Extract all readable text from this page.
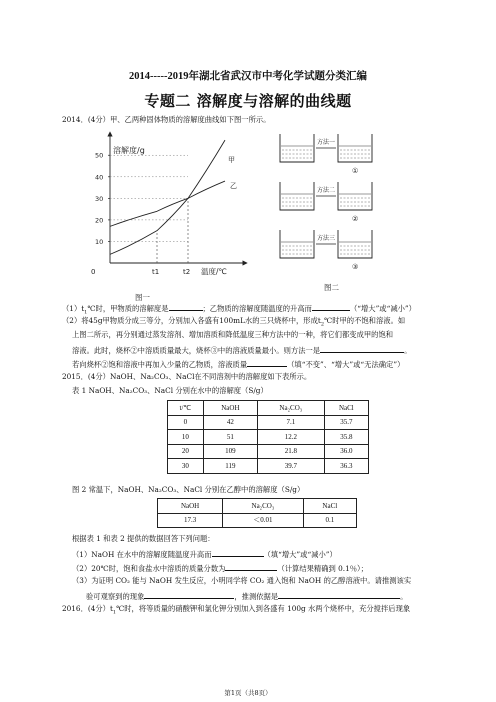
2014-----2019年湖北省武汉市中考化学试题分类汇编
专题二 溶解度与溶解的曲线题
2014．(4分）甲、乙两种固体物质的溶解度曲线如下图一所示。
溶解度/g
温度/℃
10
20
30
40
50
0	t1	t2
甲
乙
图一
方法一
①
方法二
②
方法三
③
图二
$(1)t_1℃$时，甲物质的溶解度是	；乙物质的溶解度随温度的升高而	（“增大”或“减小”）
（2）将45g甲物质分成三等分，分别加入各盛有100mL水的三只烧杯中，形成$t_2℃$时甲的不饱和溶液。如
上图二所示，再分别通过蒸发溶剂、增加溶质和降低温度三种方法中的一种，将它们都变成甲的饱和
溶液。此时，烧杯②中溶质质量最大，烧杯③中的溶液质量最小。则方法一是	。
若向烧杯②饱和溶液中再加入少量的乙物质，溶液质量	（填“不变”、“增大”或“无法确定”）
2015．(4分）NaOH、Na₂CO₃、NaCl在不同溶剂中的溶解度如下表所示。
表 1 NaOH、Na₂CO₃、NaCl 分别在水中的溶解度（S/g）
t/℃	NaOH	Na₂CO₃	NaCl
0	42	7.1	35.7
10	51	12.2	35.8
20	109	21.8	36.0
30	119	39.7	36.3
图 2 常温下，NaOH、Na₂CO₃、NaCl 分别在乙醇中的溶解度（S/g）
NaOH	Na₂CO₃	NaCl
17.3	＜0.01	0.1
根据表 1 和表 2 提供的数据回答下列问题：
（1）NaOH 在水中的溶解度随温度升高而	（填“增大”或“减小”）
（2）20℃时，饱和食盐水中溶质的质量分数为	（计算结果精确到 0.1％）；
（3）为证明 CO₂ 能与 NaOH 发生反应，小明同学将 CO₂ 通入饱和 NaOH 的乙醇溶液中。请推测该实
验可观察到的现象	，推测依据是	。
2016．(4分）$t_1℃$时，将等质量的硝酸钾和氯化钾分别加入到各盛有 100g 水两个烧杯中，充分搅拌后现象
第1页（共8页）
